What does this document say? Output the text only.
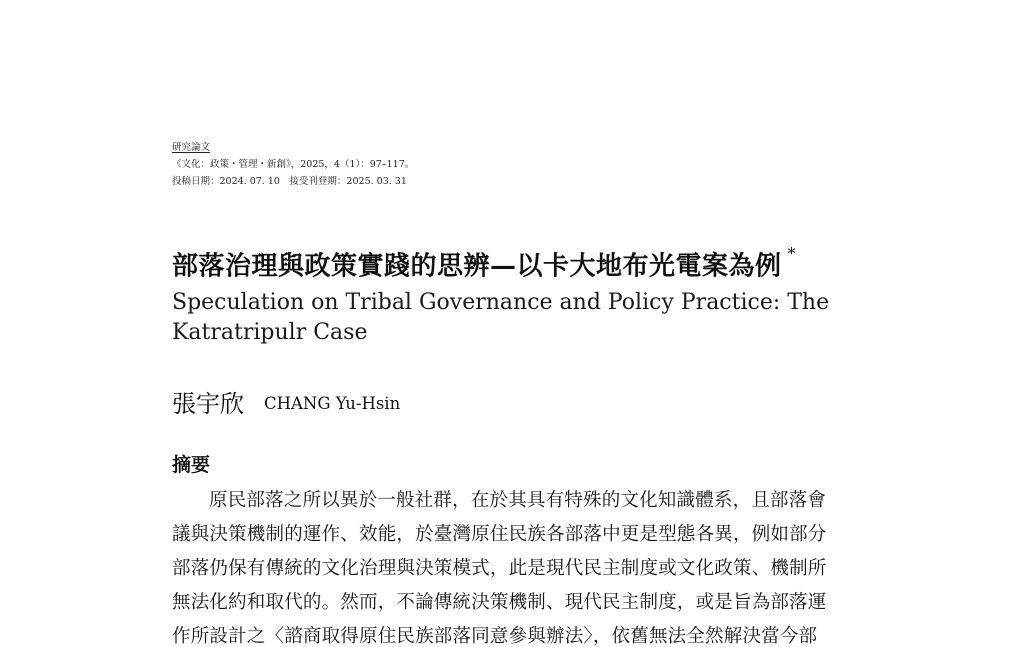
研究論文
《文化：政策・管理・新創》，2025，4（1）：97–117。
投稿日期：2024. 07. 10　接受刊登期：2025. 03. 31
部落治理與政策實踐的思辨—以卡大地布光電案為例 *
Speculation on Tribal Governance and Policy Practice: The
Katratripulr Case
張宇欣 CHANG Yu-Hsin
摘要
原民部落之所以異於一般社群，在於其具有特殊的文化知識體系，且部落會
議與決策機制的運作、效能，於臺灣原住民族各部落中更是型態各異，例如部分
部落仍保有傳統的文化治理與決策模式，此是現代民主制度或文化政策、機制所
無法化約和取代的。然而，不論傳統決策機制、現代民主制度，或是旨為部落運
作所設計之〈諮商取得原住民族部落同意參與辦法〉，依舊無法全然解決當今部
